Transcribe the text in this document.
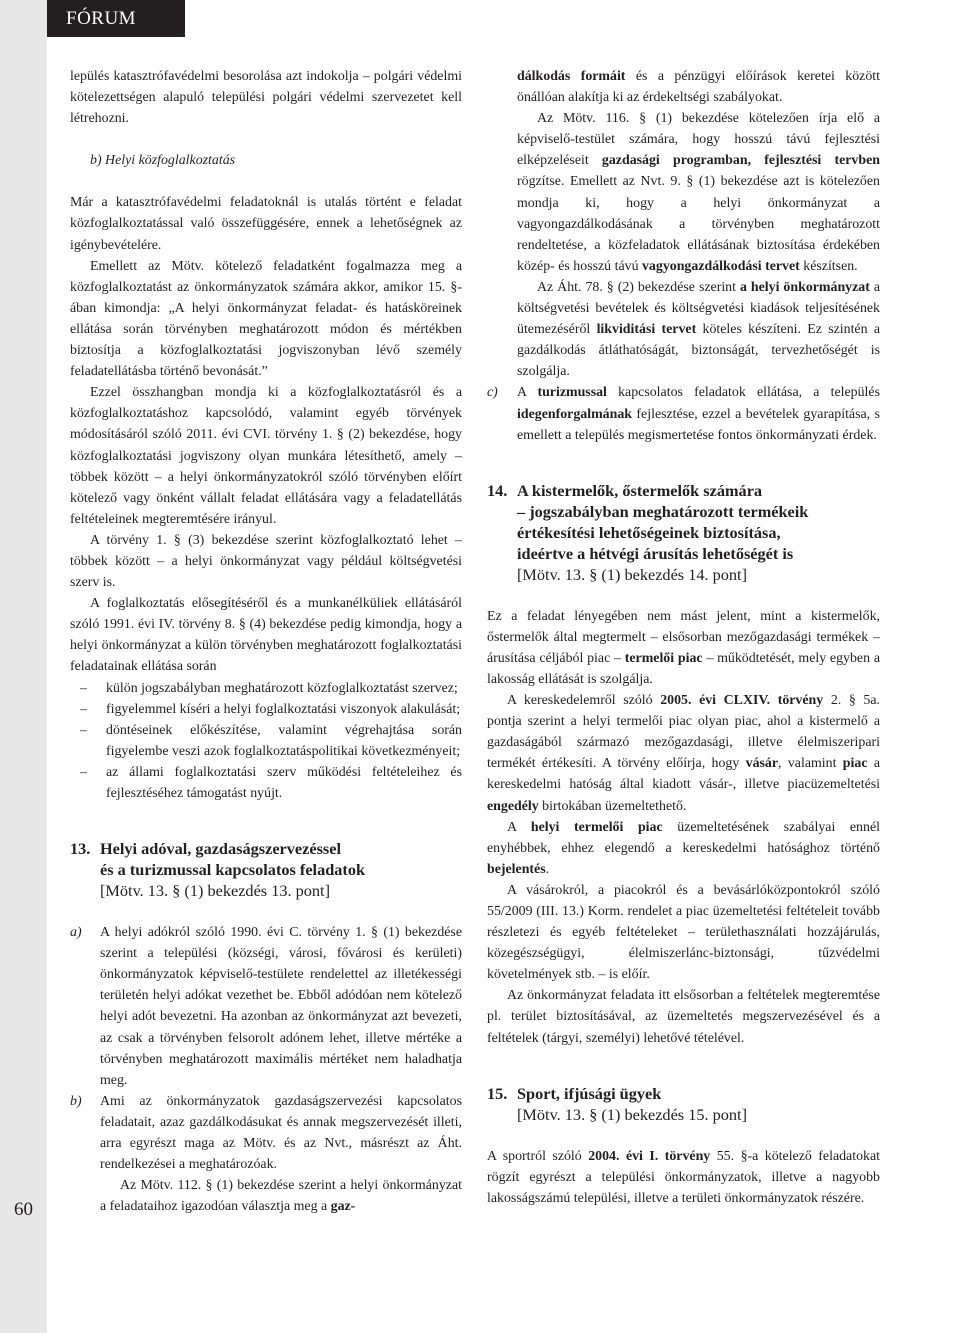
FÓRUM
60

lepülés katasztrófavédelmi besorolása azt indokolja – polgári védelmi kötelezettségen alapuló települési polgári védelmi szervezetet kell létrehozni.

b) Helyi közfoglalkoztatás

Már a katasztrófavédelmi feladatoknál is utalás történt e feladat közfoglalkoztatással való összefüggésére, ennek a lehetőségnek az igénybevételére.

Emellett az Mötv. kötelező feladatként fogalmazza meg a közfoglalkoztatást az önkormányzatok számára akkor, amikor 15. §-ában kimondja: „A helyi önkormányzat feladat- és hatásköreinek ellátása során törvényben meghatározott módon és mértékben biztosítja a közfoglalkoztatási jogviszonyban lévő személy feladatellátásba történő bevonását.”

Ezzel összhangban mondja ki a közfoglalkoztatásról és a közfoglalkoztatáshoz kapcsolódó, valamint egyéb törvények módosításáról szóló 2011. évi CVI. törvény 1. § (2) bekezdése, hogy közfoglalkoztatási jogviszony olyan munkára létesíthető, amely – többek között – a helyi önkormányzatokról szóló törvényben előírt kötelező vagy önként vállalt feladat ellátására vagy a feladatellátás feltételeinek megteremtésére irányul.

A törvény 1. § (3) bekezdése szerint közfoglalkoztató lehet – többek között – a helyi önkormányzat vagy például költségvetési szerv is.

A foglalkoztatás elősegítéséről és a munkanélküliek ellátásáról szóló 1991. évi IV. törvény 8. § (4) bekezdése pedig kimondja, hogy a helyi önkormányzat a külön törvényben meghatározott foglalkoztatási feladatainak ellátása során

– külön jogszabályban meghatározott közfoglalkoztatást szervez;
– figyelemmel kíséri a helyi foglalkoztatási viszonyok alakulását;
– döntéseinek előkészítése, valamint végrehajtása során figyelembe veszi azok foglalkoztatáspolitikai következményeit;
– az állami foglalkoztatási szerv működési feltételeihez és fejlesztéséhez támogatást nyújt.
13. Helyi adóval, gazdaságszervezéssel
és a turizmussal kapcsolatos feladatok
[Mötv. 13. § (1) bekezdés 13. pont]
a) A helyi adókról szóló 1990. évi C. törvény 1. § (1) bekezdése szerint a települési (községi, városi, fővárosi és kerületi) önkormányzatok képviselő-testülete rendelettel az illetékességi területén helyi adókat vezethet be. Ebből adódóan nem kötelező helyi adót bevezetni. Ha azonban az önkormányzat azt bevezeti, az csak a törvényben felsorolt adónem lehet, illetve mértéke a törvényben meghatározott maximális mértéket nem haladhatja meg.
b) Ami az önkormányzatok gazdaságszervezési kapcsolatos feladatait, azaz gazdálkodásukat és annak megszervezését illeti, arra egyrészt maga az Mötv. és az Nvt., másrészt az Áht. rendelkezései a meghatározóak.

Az Mötv. 112. § (1) bekezdése szerint a helyi önkormányzat a feladataihoz igazodóan választja meg a gaz-

dálkodás formáit és a pénzügyi előírások keretei között önállóan alakítja ki az érdekeltségi szabályokat.

Az Mötv. 116. § (1) bekezdése kötelezően írja elő a képviselő-testület számára, hogy hosszú távú fejlesztési elképzeléseit gazdasági programban, fejlesztési tervben rögzítse. Emellett az Nvt. 9. § (1) bekezdése azt is kötelezően mondja ki, hogy a helyi önkormányzat a vagyongazdálkodásának a törvényben meghatározott rendeltetése, a közfeladatok ellátásának biztosítása érdekében közép- és hosszú távú vagyongazdálkodási tervet készítsen.

Az Áht. 78. § (2) bekezdése szerint a helyi önkormányzat a költségvetési bevételek és költségvetési kiadások teljesítésének ütemezéséről likviditási tervet köteles készíteni. Ez szintén a gazdálkodás átláthatóságát, biztonságát, tervezhetőségét is szolgálja.

c) A turizmussal kapcsolatos feladatok ellátása, a település idegenforgalmának fejlesztése, ezzel a bevételek gyarapítása, s emellett a település megismertetése fontos önkormányzati érdek.
14. A kistermelők, őstermelők számára
– jogszabályban meghatározott termékeik
értékesítési lehetőségeinek biztosítása,
ideértve a hétvégi árusítás lehetőségét is
[Mötv. 13. § (1) bekezdés 14. pont]

Ez a feladat lényegében nem mást jelent, mint a kistermelők, őstermelők által megtermelt – elsősorban mezőgazdasági termékek – árusítása céljából piac – termelői piac – működtetését, mely egyben a lakosság ellátását is szolgálja.

A kereskedelemről szóló 2005. évi CLXIV. törvény 2. § 5a. pontja szerint a helyi termelői piac olyan piac, ahol a kistermelő a gazdaságából származó mezőgazdasági, illetve élelmiszeripari termékét értékesíti. A törvény előírja, hogy vásár, valamint piac a kereskedelmi hatóság által kiadott vásár-, illetve piacüzemeltetési engedély birtokában üzemeltethető.

A helyi termelői piac üzemeltetésének szabályai ennél enyhébbek, ehhez elegendő a kereskedelmi hatósághoz történő bejelentés.

A vásárokról, a piacokról és a bevásárlóközpontokról szóló 55/2009 (III. 13.) Korm. rendelet a piac üzemeltetési feltételeit tovább részletezi és egyéb feltételeket – területhasználati hozzájárulás, közegészségügyi, élelmiszerlánc-biztonsági, tűzvédelmi követelmények stb. – is előír.

Az önkormányzat feladata itt elsősorban a feltételek megteremtése pl. terület biztosításával, az üzemeltetés megszervezésével és a feltételek (tárgyi, személyi) lehetővé tételével.

15. Sport, ifjúsági ügyek
[Mötv. 13. § (1) bekezdés 15. pont]

A sportról szóló 2004. évi I. törvény 55. §-a kötelező feladatokat rögzít egyrészt a települési önkormányzatok, illetve a nagyobb lakosságszámú települési, illetve a területi önkormányzatok részére.
